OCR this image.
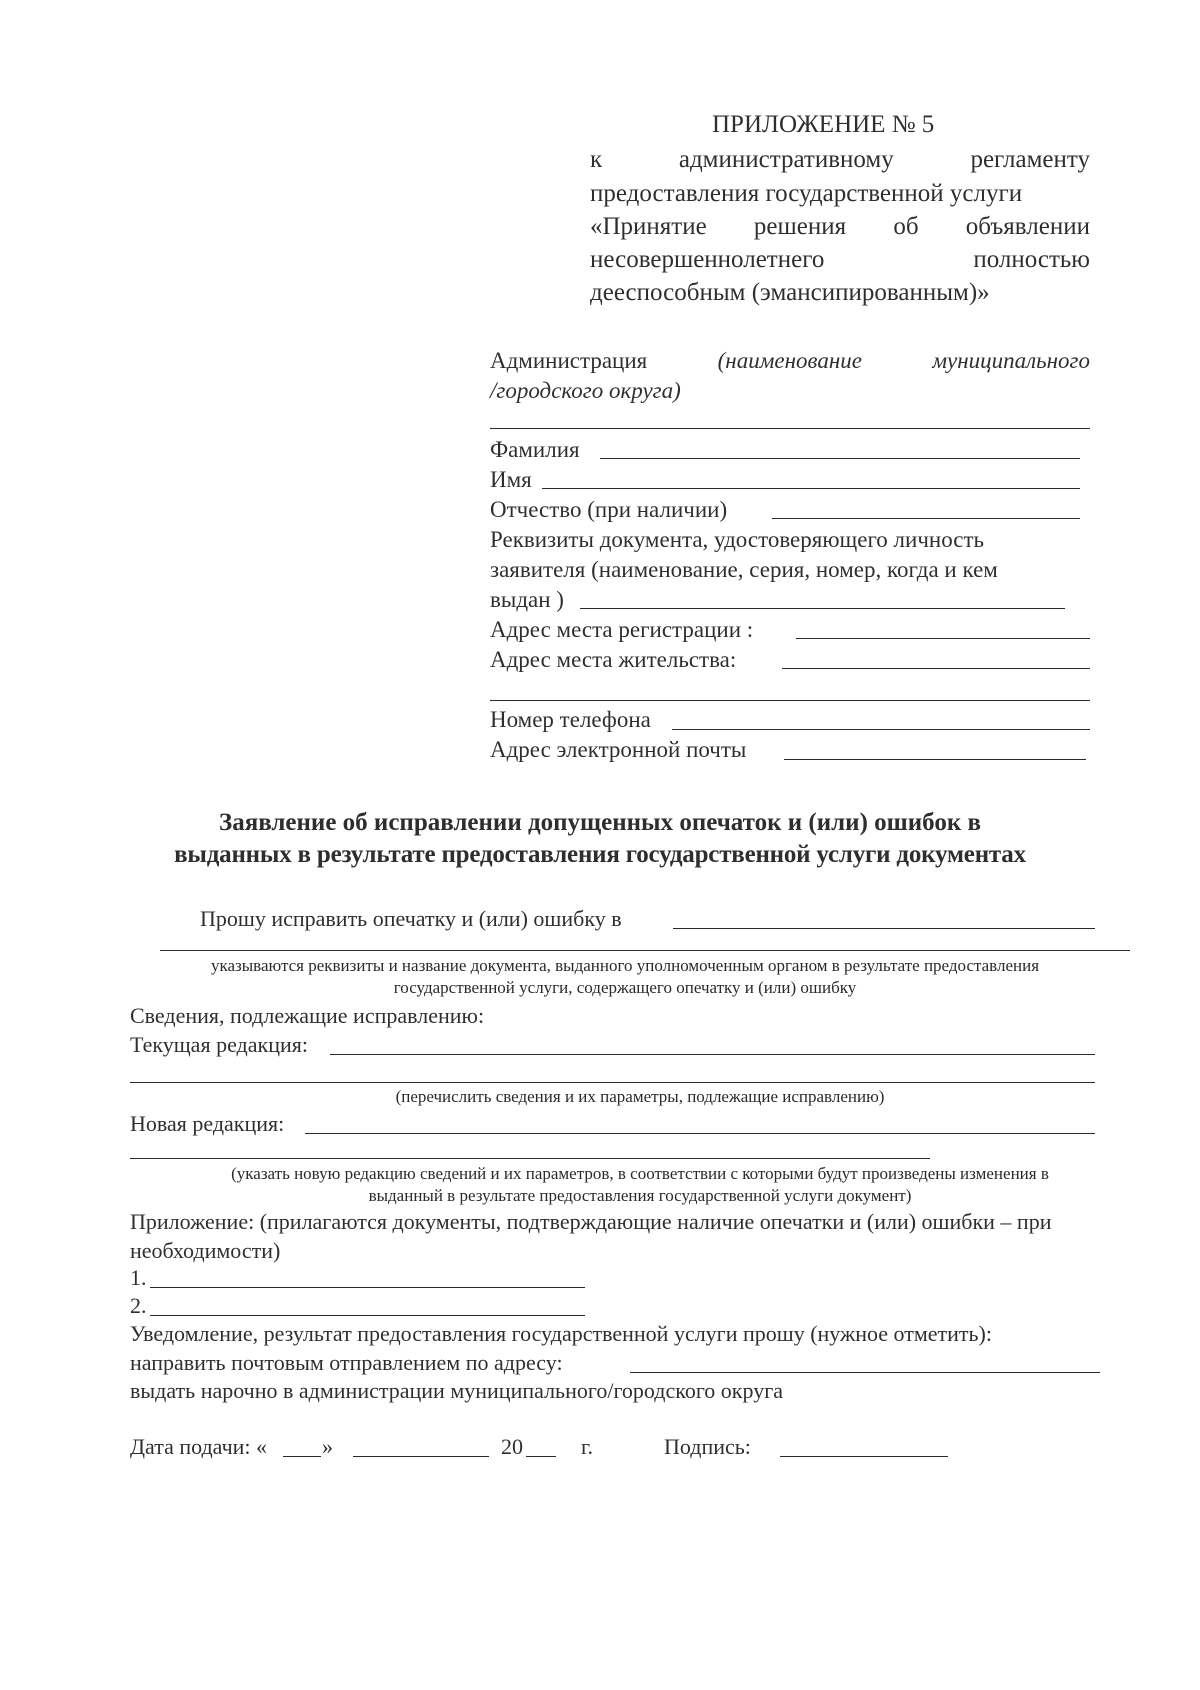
ПРИЛОЖЕНИЕ № 5
к	административному	регламенту
предоставления государственной услуги
«Принятие решения об объявлении
несовершеннолетнего	полностью
дееспособным (эмансипированным)»
Администрация	(наименование	муниципального
/городского округа)
Фамилия
Имя
Отчество (при наличии)
Реквизиты документа, удостоверяющего личность
заявителя (наименование, серия, номер, когда и кем
выдан )
Адрес места регистрации :
Адрес места жительства:
Номер телефона
Адрес электронной почты
Заявление об исправлении допущенных опечаток и (или) ошибок в
выданных в результате предоставления государственной услуги документах
Прошу исправить опечатку и (или) ошибку в
указываются реквизиты и название документа, выданного уполномоченным органом в результате предоставления
государственной услуги, содержащего опечатку и (или) ошибку
Сведения, подлежащие исправлению:
Текущая редакция:
(перечислить сведения и их параметры, подлежащие исправлению)
Новая редакция:
(указать новую редакцию сведений и их параметров, в соответствии с которыми будут произведены изменения в
выданный в результате предоставления государственной услуги документ)
Приложение: (прилагаются документы, подтверждающие наличие опечатки и (или) ошибки – при
необходимости)
1.
2.
Уведомление, результат предоставления государственной услуги прошу (нужное отметить):
направить почтовым отправлением по адресу:
выдать нарочно в администрации муниципального/городского округа
Дата подачи: « »	20	г.	Подпись:
